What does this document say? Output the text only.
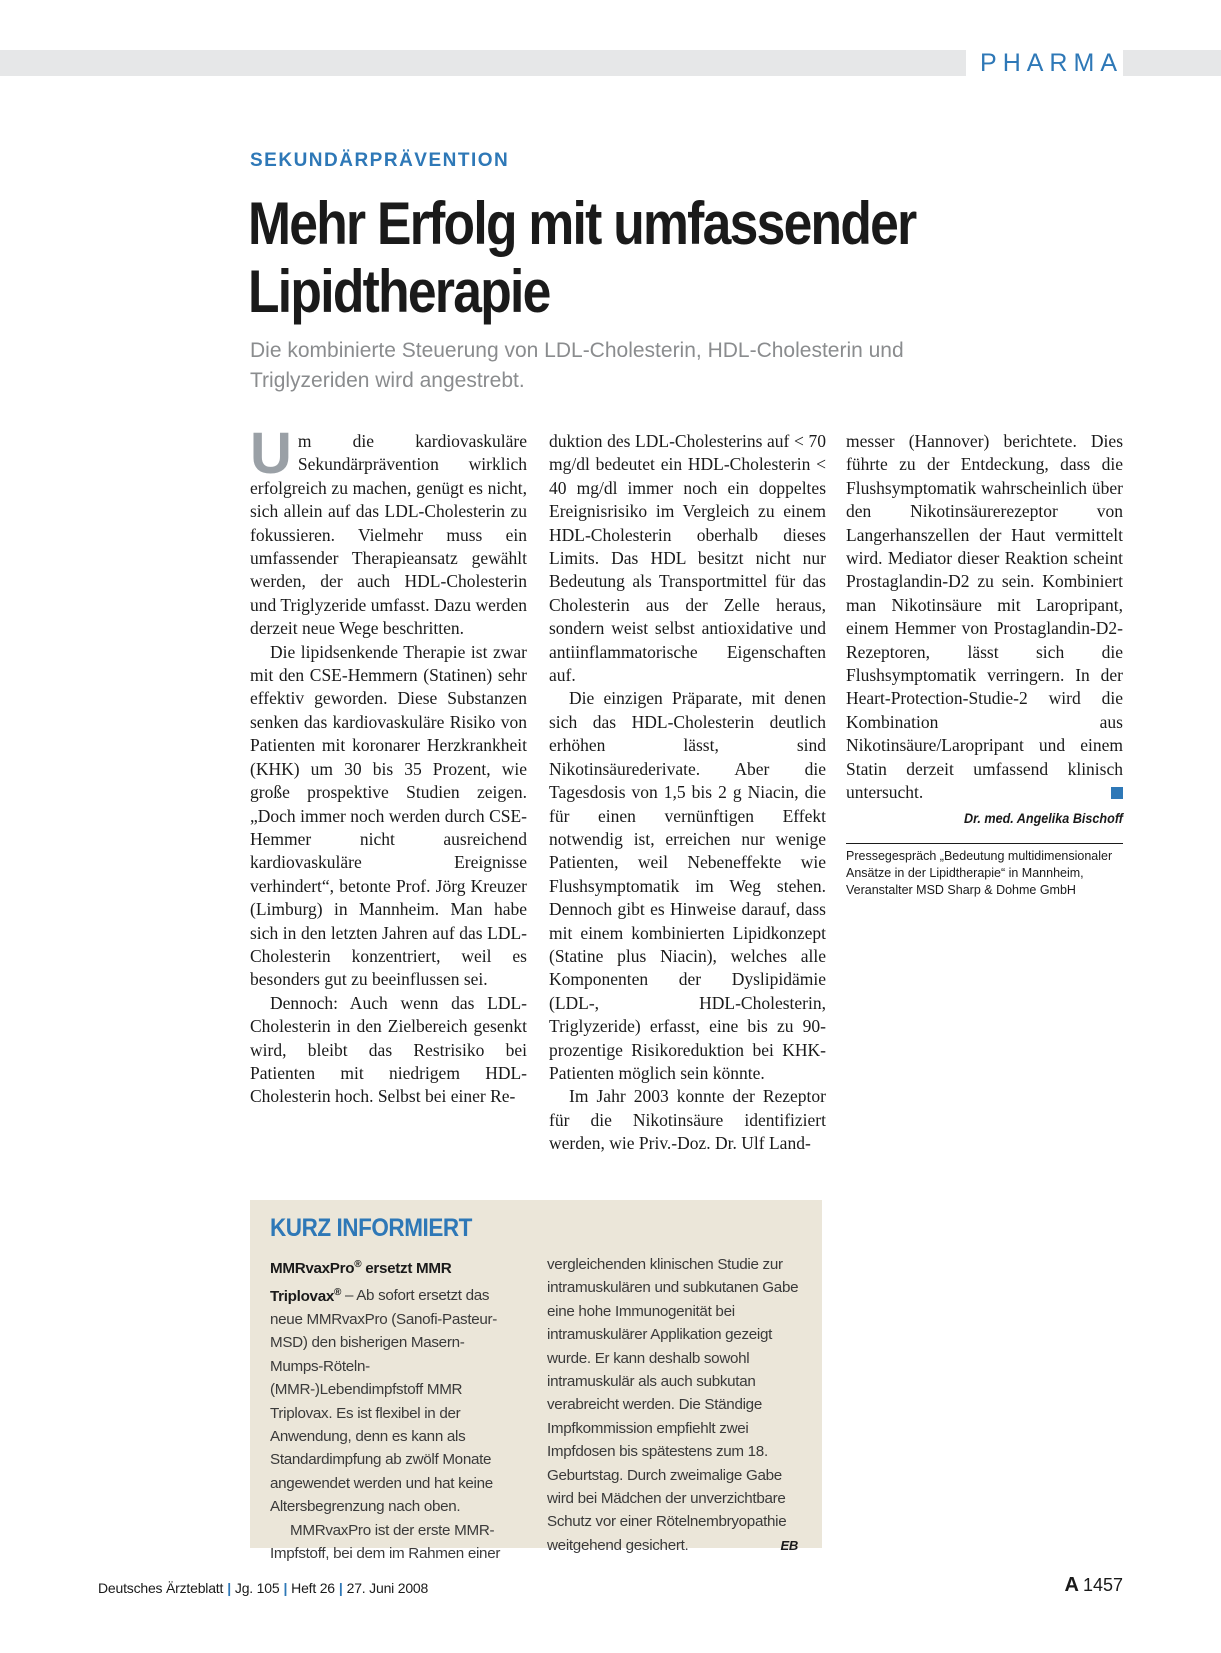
PHARMA
SEKUNDÄRPRÄVENTION
Mehr Erfolg mit umfassender
Lipidtherapie
Die kombinierte Steuerung von LDL-Cholesterin, HDL-Cholesterin und Triglyzeriden wird angestrebt.

Um die kardiovaskuläre Sekundärprävention wirklich erfolgreich zu machen, genügt es nicht, sich allein auf das LDL-Cholesterin zu fokussieren. Vielmehr muss ein umfassender Therapieansatz gewählt werden, der auch HDL-Cholesterin und Triglyzeride umfasst. Dazu werden derzeit neue Wege beschritten.

Die lipidsenkende Therapie ist zwar mit den CSE-Hemmern (Statinen) sehr effektiv geworden. Diese Substanzen senken das kardiovaskuläre Risiko von Patienten mit koronarer Herzkrankheit (KHK) um 30 bis 35 Prozent, wie große prospektive Studien zeigen. „Doch immer noch werden durch CSE-Hemmer nicht ausreichend kardiovaskuläre Ereignisse verhindert“, betonte Prof. Jörg Kreuzer (Limburg) in Mannheim. Man habe sich in den letzten Jahren auf das LDL-Cholesterin konzentriert, weil es besonders gut zu beeinflussen sei.

Dennoch: Auch wenn das LDL-Cholesterin in den Zielbereich gesenkt wird, bleibt das Restrisiko bei Patienten mit niedrigem HDL-Cholesterin hoch. Selbst bei einer Re-

duktion des LDL-Cholesterins auf < 70 mg/dl bedeutet ein HDL-Cholesterin < 40 mg/dl immer noch ein doppeltes Ereignisrisiko im Vergleich zu einem HDL-Cholesterin oberhalb dieses Limits. Das HDL besitzt nicht nur Bedeutung als Transportmittel für das Cholesterin aus der Zelle heraus, sondern weist selbst antioxidative und antiinflammatorische Eigenschaften auf.

Die einzigen Präparate, mit denen sich das HDL-Cholesterin deutlich erhöhen lässt, sind Nikotinsäurederivate. Aber die Tagesdosis von 1,5 bis 2 g Niacin, die für einen vernünftigen Effekt notwendig ist, erreichen nur wenige Patienten, weil Nebeneffekte wie Flushsymptomatik im Weg stehen. Dennoch gibt es Hinweise darauf, dass mit einem kombinierten Lipidkonzept (Statine plus Niacin), welches alle Komponenten der Dyslipidämie (LDL-, HDL-Cholesterin, Triglyzeride) erfasst, eine bis zu 90-prozentige Risikoreduktion bei KHK-Patienten möglich sein könnte.

Im Jahr 2003 konnte der Rezeptor für die Nikotinsäure identifiziert werden, wie Priv.-Doz. Dr. Ulf Land-

messer (Hannover) berichtete. Dies führte zu der Entdeckung, dass die Flushsymptomatik wahrscheinlich über den Nikotinsäurerezeptor von Langerhanszellen der Haut vermittelt wird. Mediator dieser Reaktion scheint Prostaglandin-D2 zu sein. Kombiniert man Nikotinsäure mit Laropripant, einem Hemmer von Prostaglandin-D2-Rezeptoren, lässt sich die Flushsymptomatik verringern. In der Heart-Protection-Studie-2 wird die Kombination aus Nikotinsäure/Laropripant und einem Statin derzeit umfassend klinisch untersucht.

Dr. med. Angelika Bischoff

Pressegespräch „Bedeutung multidimensionaler Ansätze in der Lipidtherapie“ in Mannheim, Veranstalter MSD Sharp & Dohme GmbH
KURZ INFORMIERT

MMRvaxPro® ersetzt MMR Triplovax® – Ab sofort ersetzt das neue MMRvaxPro (Sanofi-Pasteur-MSD) den bisherigen Masern-Mumps-Röteln-(MMR-)Lebendimpfstoff MMR Triplovax. Es ist flexibel in der Anwendung, denn es kann als Standardimpfung ab zwölf Monate angewendet werden und hat keine Altersbegrenzung nach oben.

MMRvaxPro ist der erste MMR-Impfstoff, bei dem im Rahmen einer

vergleichenden klinischen Studie zur intramuskulären und subkutanen Gabe eine hohe Immunogenität bei intramuskulärer Applikation gezeigt wurde. Er kann deshalb sowohl intramuskulär als auch subkutan verabreicht werden. Die Ständige Impfkommission empfiehlt zwei Impfdosen bis spätestens zum 18. Geburtstag. Durch zweimalige Gabe wird bei Mädchen der unverzichtbare Schutz vor einer Rötelnembryopathie weitgehend gesichert.	EB

Deutsches Ärzteblatt | Jg. 105 | Heft 26 | 27. Juni 2008	A 1457
